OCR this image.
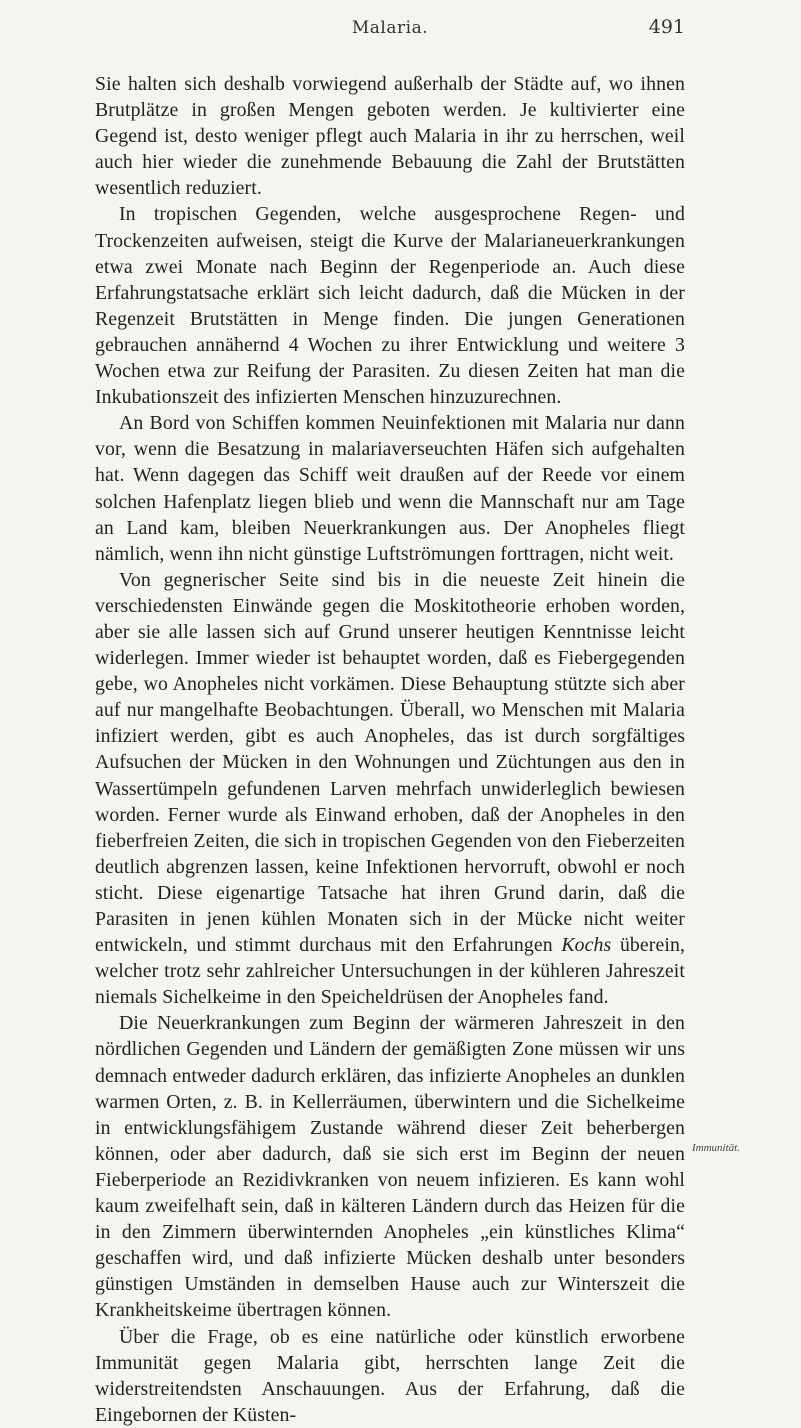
Malaria.	491

Sie halten sich deshalb vorwiegend außerhalb der Städte auf, wo ihnen Brutplätze in großen Mengen geboten werden. Je kultivierter eine Gegend ist, desto weniger pflegt auch Malaria in ihr zu herrschen, weil auch hier wieder die zunehmende Bebauung die Zahl der Brutstätten wesentlich reduziert.

In tropischen Gegenden, welche ausgesprochene Regen- und Trockenzeiten aufweisen, steigt die Kurve der Malarianeuerkrankungen etwa zwei Monate nach Beginn der Regenperiode an. Auch diese Erfahrungstatsache erklärt sich leicht dadurch, daß die Mücken in der Regenzeit Brutstätten in Menge finden. Die jungen Generationen gebrauchen annähernd 4 Wochen zu ihrer Entwicklung und weitere 3 Wochen etwa zur Reifung der Parasiten. Zu diesen Zeiten hat man die Inkubationszeit des infizierten Menschen hinzuzurechnen.

An Bord von Schiffen kommen Neuinfektionen mit Malaria nur dann vor, wenn die Besatzung in malariaverseuchten Häfen sich aufgehalten hat. Wenn dagegen das Schiff weit draußen auf der Reede vor einem solchen Hafenplatz liegen blieb und wenn die Mannschaft nur am Tage an Land kam, bleiben Neuerkrankungen aus. Der Anopheles fliegt nämlich, wenn ihn nicht günstige Luftströmungen forttragen, nicht weit.

Von gegnerischer Seite sind bis in die neueste Zeit hinein die verschiedensten Einwände gegen die Moskitotheorie erhoben worden, aber sie alle lassen sich auf Grund unserer heutigen Kenntnisse leicht widerlegen. Immer wieder ist behauptet worden, daß es Fiebergegenden gebe, wo Anopheles nicht vorkämen. Diese Behauptung stützte sich aber auf nur mangelhafte Beobachtungen. Überall, wo Menschen mit Malaria infiziert werden, gibt es auch Anopheles, das ist durch sorgfältiges Aufsuchen der Mücken in den Wohnungen und Züchtungen aus den in Wassertümpeln gefundenen Larven mehrfach unwiderleglich bewiesen worden. Ferner wurde als Einwand erhoben, daß der Anopheles in den fieberfreien Zeiten, die sich in tropischen Gegenden von den Fieberzeiten deutlich abgrenzen lassen, keine Infektionen hervorruft, obwohl er noch sticht. Diese eigenartige Tatsache hat ihren Grund darin, daß die Parasiten in jenen kühlen Monaten sich in der Mücke nicht weiter entwickeln, und stimmt durchaus mit den Erfahrungen Kochs überein, welcher trotz sehr zahlreicher Untersuchungen in der kühleren Jahreszeit niemals Sichelkeime in den Speicheldrüsen der Anopheles fand.

Die Neuerkrankungen zum Beginn der wärmeren Jahreszeit in den nördlichen Gegenden und Ländern der gemäßigten Zone müssen wir uns demnach entweder dadurch erklären, das infizierte Anopheles an dunklen warmen Orten, z. B. in Kellerräumen, überwintern und die Sichelkeime in entwicklungsfähigem Zustande während dieser Zeit beherbergen können, oder aber dadurch, daß sie sich erst im Beginn der neuen Fieberperiode an Rezidivkranken von neuem infizieren. Es kann wohl kaum zweifelhaft sein, daß in kälteren Ländern durch das Heizen für die in den Zimmern überwinternden Anopheles „ein künstliches Klima“ geschaffen wird, und daß infizierte Mücken deshalb unter besonders günstigen Umständen in demselben Hause auch zur Winterszeit die Krankheitskeime übertragen können.

Über die Frage, ob es eine natürliche oder künstlich erworbene Immunität gegen Malaria gibt, herrschten lange Zeit die widerstreitendsten Anschauungen. Aus der Erfahrung, daß die Eingebornen der Küsten-

Immunität.
